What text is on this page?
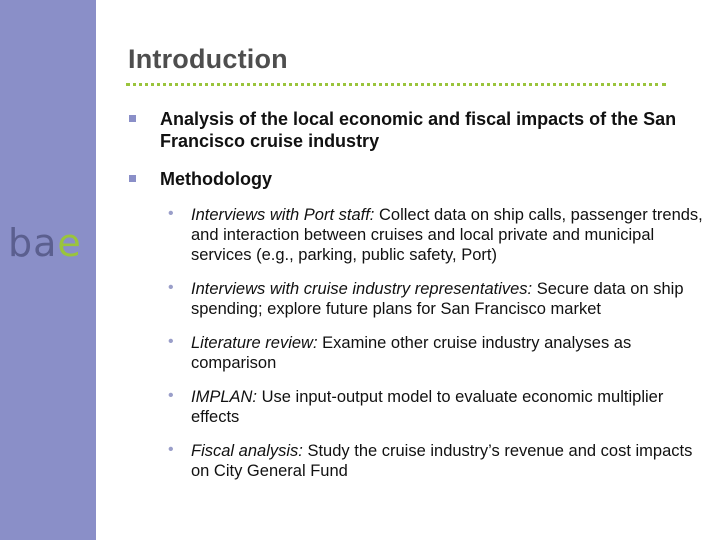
bae
Introduction
Analysis of the local economic and fiscal impacts of the San Francisco cruise industry
Methodology
• Interviews with Port staff: Collect data on ship calls, passenger trends, and interaction between cruises and local private and municipal services (e.g., parking, public safety, Port)
• Interviews with cruise industry representatives: Secure data on ship spending; explore future plans for San Francisco market
• Literature review: Examine other cruise industry analyses as comparison
• IMPLAN: Use input-output model to evaluate economic multiplier effects
• Fiscal analysis: Study the cruise industry’s revenue and cost impacts on City General Fund
